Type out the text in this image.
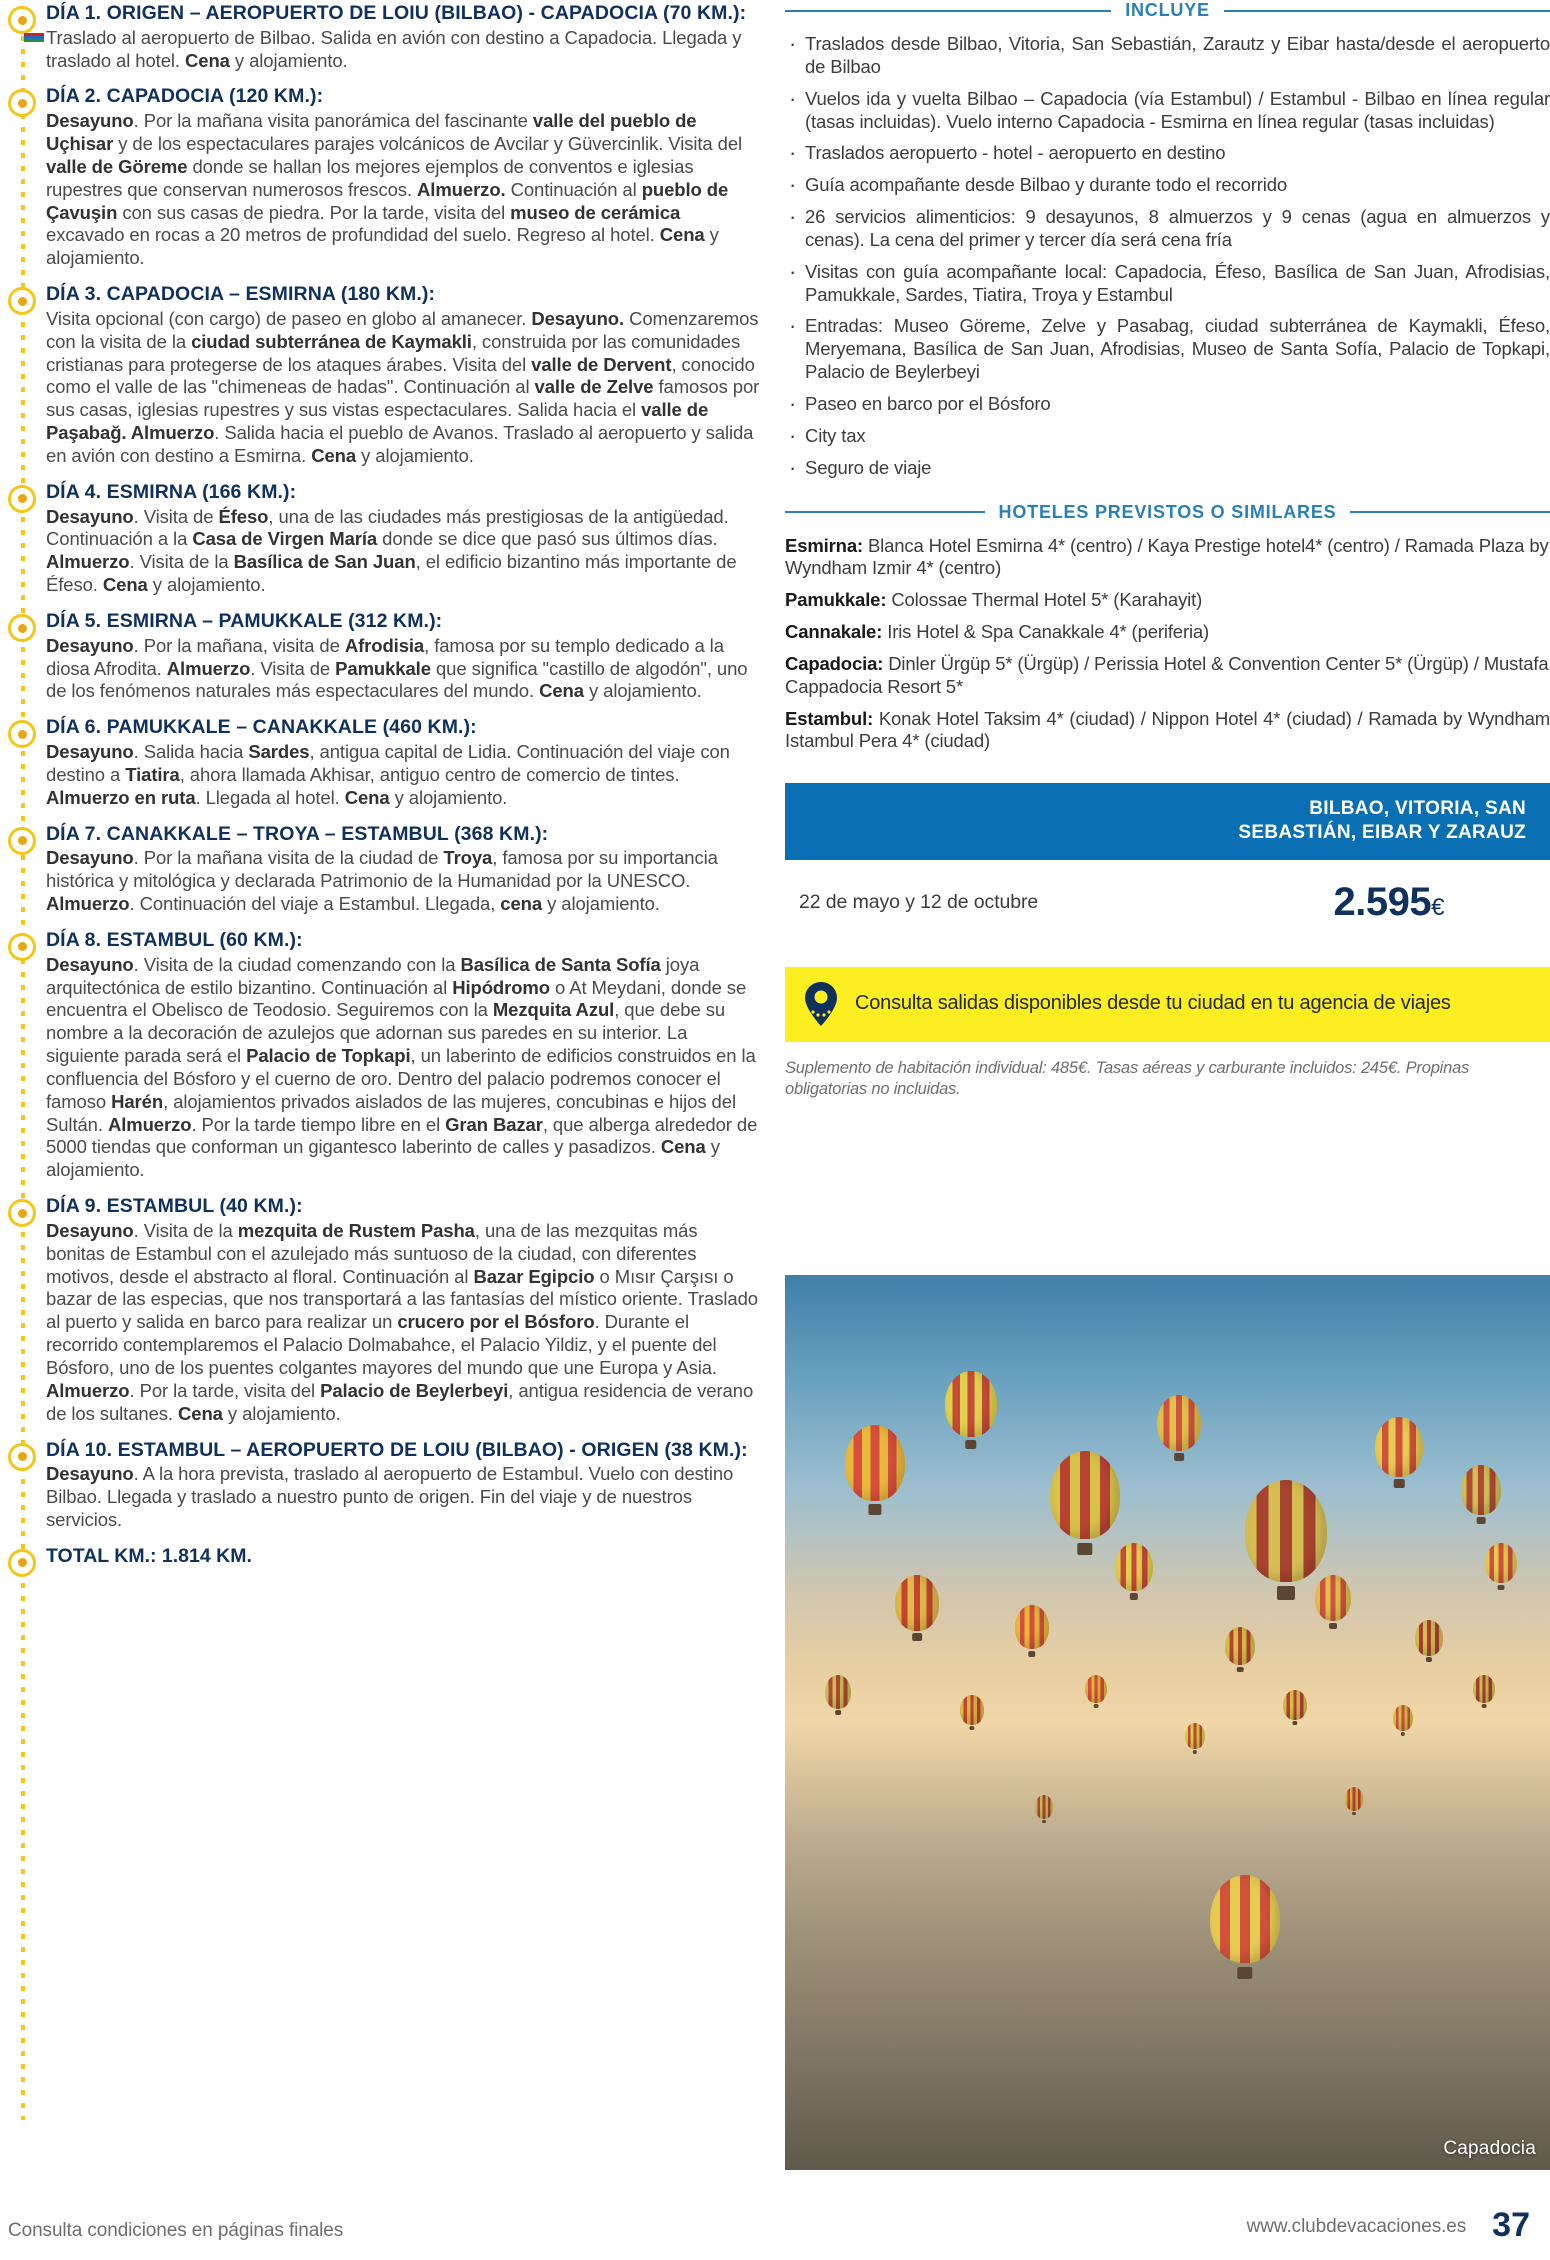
DÍA 1. ORIGEN – AEROPUERTO DE LOIU (BILBAO) - CAPADOCIA (70 KM.):
Traslado al aeropuerto de Bilbao. Salida en avión con destino a Capadocia. Llegada y traslado al hotel. Cena y alojamiento.
DÍA 2. CAPADOCIA (120 KM.):
Desayuno. Por la mañana visita panorámica del fascinante valle del pueblo de Uçhisar y de los espectaculares parajes volcánicos de Avcilar y Güvercinlik. Visita del valle de Göreme donde se hallan los mejores ejemplos de conventos e iglesias rupestres que conservan numerosos frescos. Almuerzo. Continuación al pueblo de Çavuşin con sus casas de piedra. Por la tarde, visita del museo de cerámica excavado en rocas a 20 metros de profundidad del suelo. Regreso al hotel. Cena y alojamiento.
DÍA 3. CAPADOCIA – ESMIRNA (180 KM.):
Visita opcional (con cargo) de paseo en globo al amanecer. Desayuno. Comenzaremos con la visita de la ciudad subterránea de Kaymakli, construida por las comunidades cristianas para protegerse de los ataques árabes. Visita del valle de Dervent, conocido como el valle de las "chimeneas de hadas". Continuación al valle de Zelve famosos por sus casas, iglesias rupestres y sus vistas espectaculares. Salida hacia el valle de Paşabağ. Almuerzo. Salida hacia el pueblo de Avanos. Traslado al aeropuerto y salida en avión con destino a Esmirna. Cena y alojamiento.
DÍA 4. ESMIRNA (166 KM.):
Desayuno. Visita de Éfeso, una de las ciudades más prestigiosas de la antigüedad. Continuación a la Casa de Virgen María donde se dice que pasó sus últimos días. Almuerzo. Visita de la Basílica de San Juan, el edificio bizantino más importante de Éfeso. Cena y alojamiento.
DÍA 5. ESMIRNA – PAMUKKALE (312 KM.):
Desayuno. Por la mañana, visita de Afrodisia, famosa por su templo dedicado a la diosa Afrodita. Almuerzo. Visita de Pamukkale que significa "castillo de algodón", uno de los fenómenos naturales más espectaculares del mundo. Cena y alojamiento.
DÍA 6. PAMUKKALE – CANAKKALE (460 KM.):
Desayuno. Salida hacia Sardes, antigua capital de Lidia. Continuación del viaje con destino a Tiatira, ahora llamada Akhisar, antiguo centro de comercio de tintes. Almuerzo en ruta. Llegada al hotel. Cena y alojamiento.
DÍA 7. CANAKKALE – TROYA – ESTAMBUL (368 KM.):
Desayuno. Por la mañana visita de la ciudad de Troya, famosa por su importancia histórica y mitológica y declarada Patrimonio de la Humanidad por la UNESCO. Almuerzo. Continuación del viaje a Estambul. Llegada, cena y alojamiento.
DÍA 8. ESTAMBUL (60 KM.):
Desayuno. Visita de la ciudad comenzando con la Basílica de Santa Sofía joya arquitectónica de estilo bizantino. Continuación al Hipódromo o At Meydani, donde se encuentra el Obelisco de Teodosio. Seguiremos con la Mezquita Azul, que debe su nombre a la decoración de azulejos que adornan sus paredes en su interior. La siguiente parada será el Palacio de Topkapi, un laberinto de edificios construidos en la confluencia del Bósforo y el cuerno de oro. Dentro del palacio podremos conocer el famoso Harén, alojamientos privados aislados de las mujeres, concubinas e hijos del Sultán. Almuerzo. Por la tarde tiempo libre en el Gran Bazar, que alberga alrededor de 5000 tiendas que conforman un gigantesco laberinto de calles y pasadizos. Cena y alojamiento.
DÍA 9. ESTAMBUL (40 KM.):
Desayuno. Visita de la mezquita de Rustem Pasha, una de las mezquitas más bonitas de Estambul con el azulejado más suntuoso de la ciudad, con diferentes motivos, desde el abstracto al floral. Continuación al Bazar Egipcio o Mısır Çarşısı o bazar de las especias, que nos transportará a las fantasías del místico oriente. Traslado al puerto y salida en barco para realizar un crucero por el Bósforo. Durante el recorrido contemplaremos el Palacio Dolmabahce, el Palacio Yildiz, y el puente del Bósforo, uno de los puentes colgantes mayores del mundo que une Europa y Asia. Almuerzo. Por la tarde, visita del Palacio de Beylerbeyi, antigua residencia de verano de los sultanes. Cena y alojamiento.
DÍA 10. ESTAMBUL – AEROPUERTO DE LOIU (BILBAO) - ORIGEN (38 KM.):
Desayuno. A la hora prevista, traslado al aeropuerto de Estambul. Vuelo con destino Bilbao. Llegada y traslado a nuestro punto de origen. Fin del viaje y de nuestros servicios.
TOTAL KM.: 1.814 KM.
INCLUYE
· Traslados desde Bilbao, Vitoria, San Sebastián, Zarautz y Eibar hasta/desde el aeropuerto de Bilbao
· Vuelos ida y vuelta Bilbao – Capadocia (vía Estambul) / Estambul - Bilbao en línea regular (tasas incluidas). Vuelo interno Capadocia - Esmirna en línea regular (tasas incluidas)
· Traslados aeropuerto - hotel - aeropuerto en destino
· Guía acompañante desde Bilbao y durante todo el recorrido
· 26 servicios alimenticios: 9 desayunos, 8 almuerzos y 9 cenas (agua en almuerzos y cenas). La cena del primer y tercer día será cena fría
· Visitas con guía acompañante local: Capadocia, Éfeso, Basílica de San Juan, Afrodisias, Pamukkale, Sardes, Tiatira, Troya y Estambul
· Entradas: Museo Göreme, Zelve y Pasabag, ciudad subterránea de Kaymakli, Éfeso, Meryemana, Basílica de San Juan, Afrodisias, Museo de Santa Sofía, Palacio de Topkapi, Palacio de Beylerbeyi
· Paseo en barco por el Bósforo
· City tax
· Seguro de viaje
HOTELES PREVISTOS O SIMILARES
Esmirna: Blanca Hotel Esmirna 4* (centro) / Kaya Prestige hotel4* (centro) / Ramada Plaza by Wyndham Izmir 4* (centro)
Pamukkale: Colossae Thermal Hotel 5* (Karahayit)
Cannakale: Iris Hotel & Spa Canakkale 4* (periferia)
Capadocia: Dinler Ürgüp 5* (Ürgüp) / Perissia Hotel & Convention Center 5* (Ürgüp) / Mustafa Cappadocia Resort 5*
Estambul: Konak Hotel Taksim 4* (ciudad) / Nippon Hotel 4* (ciudad) / Ramada by Wyndham Istambul Pera 4* (ciudad)
BILBAO, VITORIA, SAN
SEBASTIÁN, EIBAR Y ZARAUZ
22 de mayo y 12 de octubre	2.595€
Consulta salidas disponibles desde tu ciudad en tu agencia de viajes
Suplemento de habitación individual: 485€. Tasas aéreas y carburante incluidos: 245€. Propinas obligatorias no incluidas.
Capadocia
Consulta condiciones en páginas finales	www.clubdevacaciones.es 37
